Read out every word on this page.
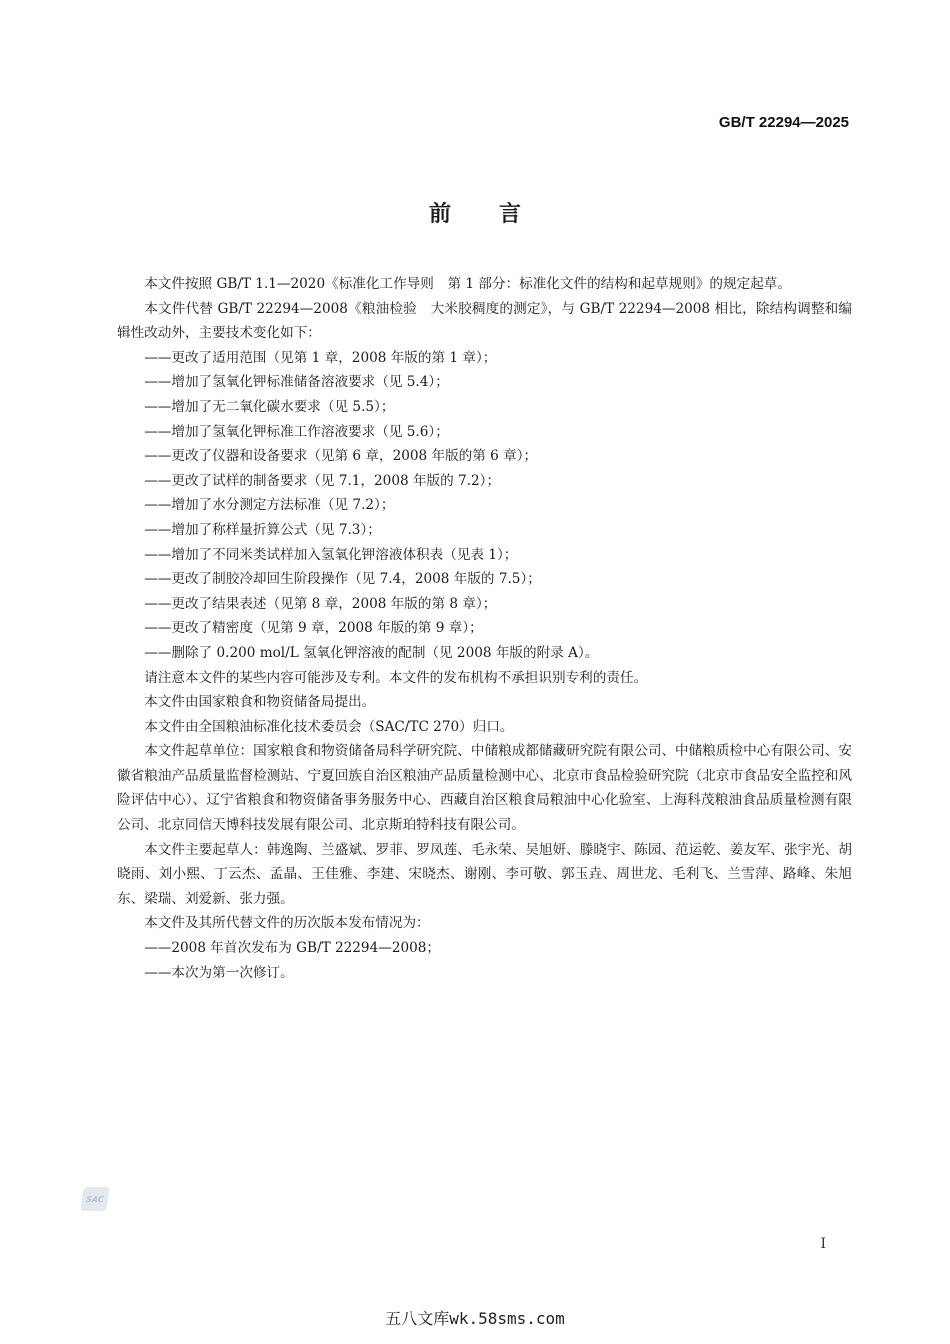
GB/T 22294—2025
前言

本文件按照 GB/T 1.1—2020《标准化工作导则　第 1 部分：标准化文件的结构和起草规则》的规定起草。

本文件代替 GB/T 22294—2008《粮油检验　大米胶稠度的测定》，与 GB/T 22294—2008 相比，除结构调整和编辑性改动外，主要技术变化如下：

——更改了适用范围（见第 1 章，2008 年版的第 1 章）；

——增加了氢氧化钾标准储备溶液要求（见 5.4）；

——增加了无二氧化碳水要求（见 5.5）；

——增加了氢氧化钾标准工作溶液要求（见 5.6）；

——更改了仪器和设备要求（见第 6 章，2008 年版的第 6 章）；

——更改了试样的制备要求（见 7.1，2008 年版的 7.2）；

——增加了水分测定方法标准（见 7.2）；

——增加了称样量折算公式（见 7.3）；

——增加了不同米类试样加入氢氧化钾溶液体积表（见表 1）；

——更改了制胶冷却回生阶段操作（见 7.4，2008 年版的 7.5）；

——更改了结果表述（见第 8 章，2008 年版的第 8 章）；

——更改了精密度（见第 9 章，2008 年版的第 9 章）；

——删除了 0.200 mol/L 氢氧化钾溶液的配制（见 2008 年版的附录 A）。

请注意本文件的某些内容可能涉及专利。本文件的发布机构不承担识别专利的责任。

本文件由国家粮食和物资储备局提出。

本文件由全国粮油标准化技术委员会（SAC/TC 270）归口。

本文件起草单位：国家粮食和物资储备局科学研究院、中储粮成都储藏研究院有限公司、中储粮质检中心有限公司、安徽省粮油产品质量监督检测站、宁夏回族自治区粮油产品质量检测中心、北京市食品检验研究院（北京市食品安全监控和风险评估中心）、辽宁省粮食和物资储备事务服务中心、西藏自治区粮食局粮油中心化验室、上海科茂粮油食品质量检测有限公司、北京同信天博科技发展有限公司、北京斯珀特科技有限公司。

本文件主要起草人：韩逸陶、兰盛斌、罗菲、罗凤莲、毛永荣、吴旭妍、滕晓宇、陈园、范运乾、姜友军、张宇光、胡晓雨、刘小熙、丁云杰、孟晶、王佳雅、李建、宋晓杰、谢刚、李可敬、郭玉垚、周世龙、毛利飞、兰雪萍、路峰、朱旭东、梁瑞、刘爱新、张力强。

本文件及其所代替文件的历次版本发布情况为：

——2008 年首次发布为 GB/T 22294—2008；

——本次为第一次修订。

SAC
I
五八文库wk.58sms.com
